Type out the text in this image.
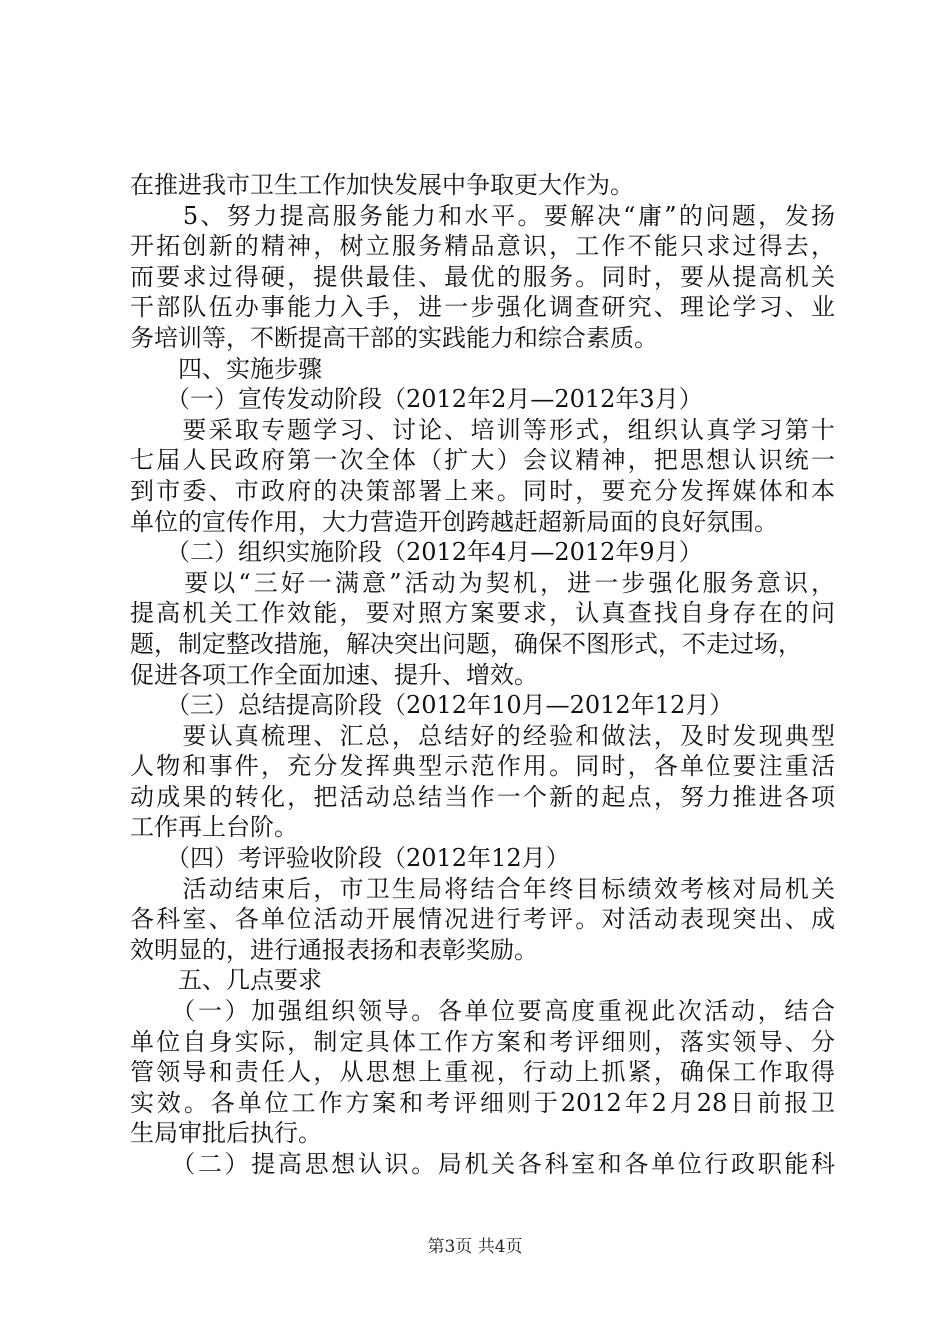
在推进我市卫生工作加快发展中争取更大作为。
　　5、努力提高服务能力和水平。要解决“庸”的问题，发扬
开拓创新的精神，树立服务精品意识，工作不能只求过得去，
而要求过得硬，提供最佳、最优的服务。同时，要从提高机关
干部队伍办事能力入手，进一步强化调查研究、理论学习、业
务培训等，不断提高干部的实践能力和综合素质。
　　四、实施步骤
　　（一）宣传发动阶段（2012年2月—2012年3月）
　　要采取专题学习、讨论、培训等形式，组织认真学习第十
七届人民政府第一次全体（扩大）会议精神，把思想认识统一
到市委、市政府的决策部署上来。同时，要充分发挥媒体和本
单位的宣传作用，大力营造开创跨越赶超新局面的良好氛围。
　　（二）组织实施阶段（2012年4月—2012年9月）
　　要以“三好一满意”活动为契机，进一步强化服务意识，
提高机关工作效能，要对照方案要求，认真查找自身存在的问
题，制定整改措施，解决突出问题，确保不图形式，不走过场，
促进各项工作全面加速、提升、增效。
　　（三）总结提高阶段（2012年10月—2012年12月）
　　要认真梳理、汇总，总结好的经验和做法，及时发现典型
人物和事件，充分发挥典型示范作用。同时，各单位要注重活
动成果的转化，把活动总结当作一个新的起点，努力推进各项
工作再上台阶。
　　（四）考评验收阶段（2012年12月）
　　活动结束后，市卫生局将结合年终目标绩效考核对局机关
各科室、各单位活动开展情况进行考评。对活动表现突出、成
效明显的，进行通报表扬和表彰奖励。
　　五、几点要求
　　（一）加强组织领导。各单位要高度重视此次活动，结合
单位自身实际，制定具体工作方案和考评细则，落实领导、分
管领导和责任人，从思想上重视，行动上抓紧，确保工作取得
实效。各单位工作方案和考评细则于2012年2月28日前报卫
生局审批后执行。
　　（二）提高思想认识。局机关各科室和各单位行政职能科
第3页 共4页
